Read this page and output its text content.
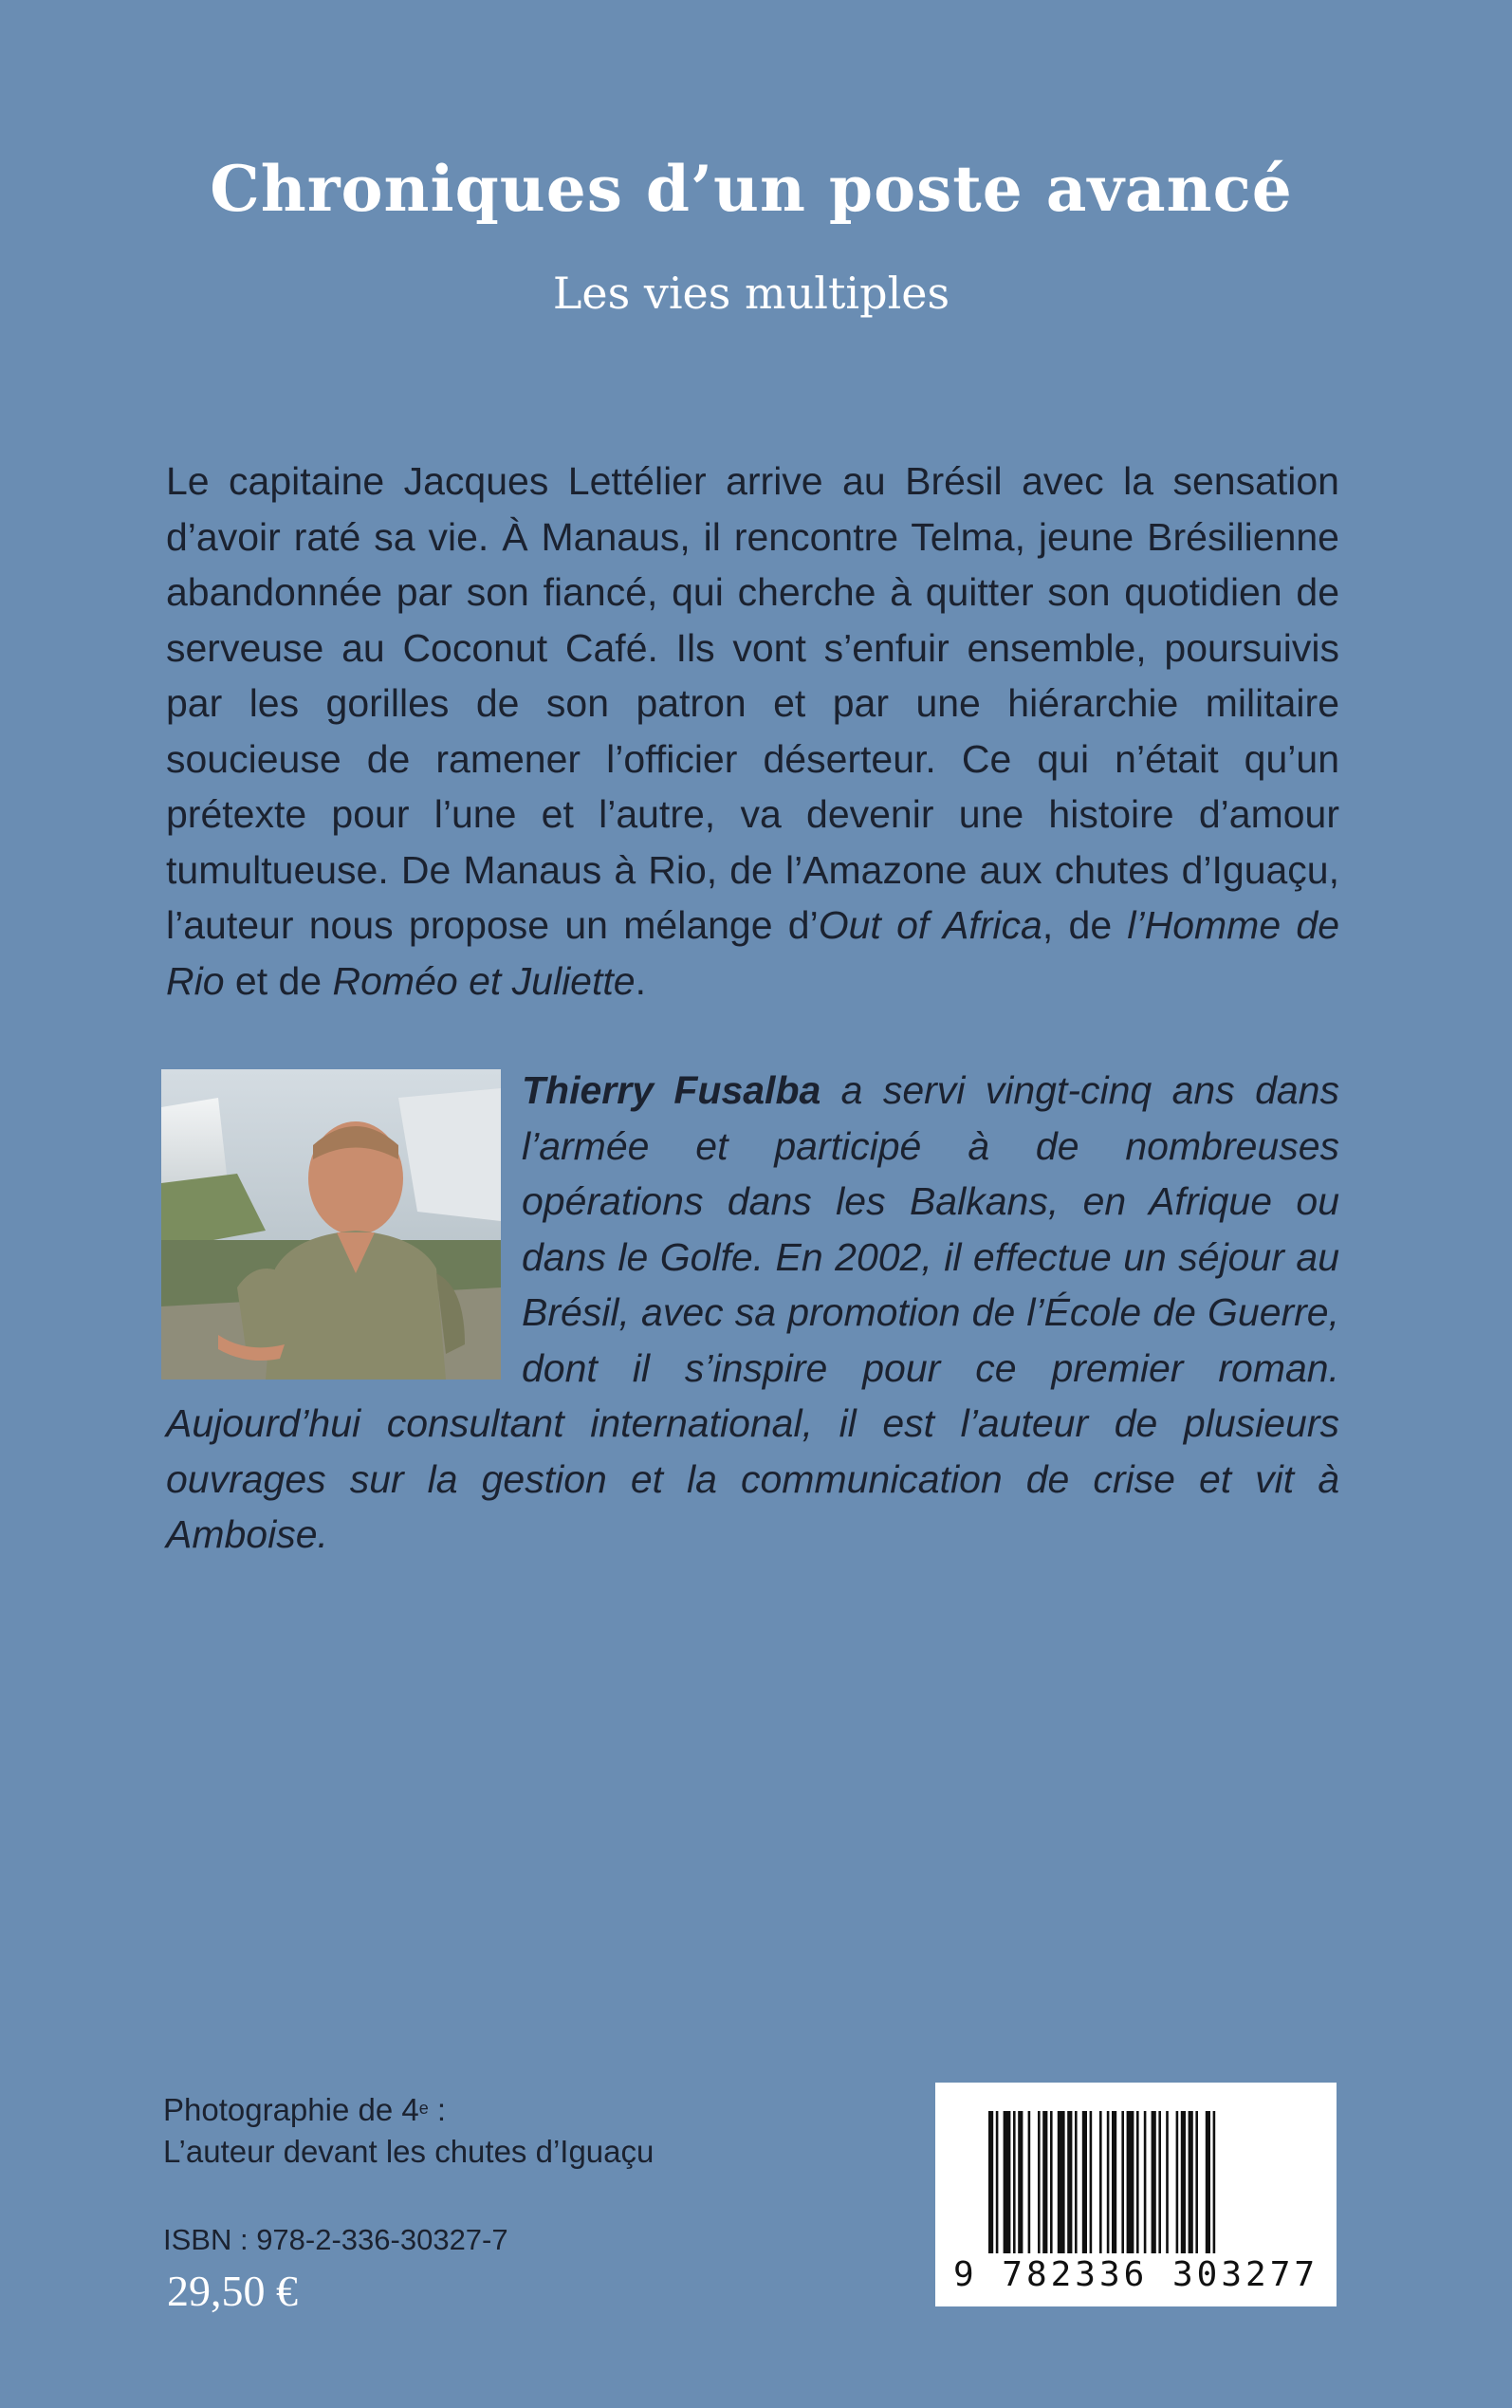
Chroniques d’un poste avancé
Les vies multiples

Le capitaine Jacques Lettélier arrive au Brésil avec la sensation d’avoir raté sa vie. À Manaus, il rencontre Telma, jeune Brésilienne abandonnée par son fiancé, qui cherche à quitter son quotidien de serveuse au Coconut Café. Ils vont s’enfuir ensemble, poursuivis par les gorilles de son patron et par une hiérarchie militaire soucieuse de ramener l’officier déserteur. Ce qui n’était qu’un prétexte pour l’une et l’autre, va devenir une histoire d’amour tumultueuse. De Manaus à Rio, de l’Amazone aux chutes d’Iguaçu, l’auteur nous propose un mélange d’Out of Africa, de l’Homme de Rio et de Roméo et Juliette.

Thierry Fusalba a servi vingt-cinq ans dans l’armée et participé à de nombreuses opérations dans les Balkans, en Afrique ou dans le Golfe. En 2002, il effectue un séjour au Brésil, avec sa promotion de l’École de Guerre, dont il s’inspire pour ce premier roman. Aujourd’hui consultant international, il est l’auteur de plusieurs ouvrages sur la gestion et la communication de crise et vit à Amboise.

Photographie de 4e :
L’auteur devant les chutes d’Iguaçu
ISBN : 978-2-336-30327-7
29,50 €	9 782336 303277
